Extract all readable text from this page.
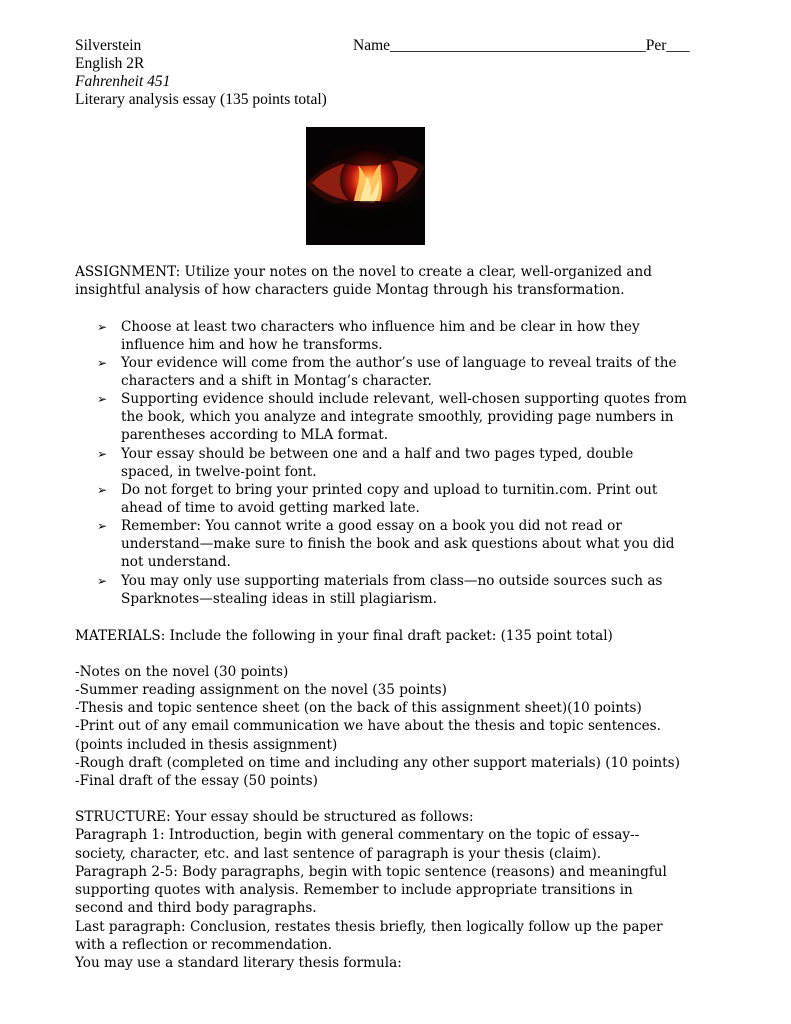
Silverstein	Name_________________________________Per___
English 2R
Fahrenheit 451
Literary analysis essay (135 points total)
ASSIGNMENT: Utilize your notes on the novel to create a clear, well-organized and
insightful analysis of how characters guide Montag through his transformation.
➢ Choose at least two characters who influence him and be clear in how they
influence him and how he transforms.
➢ Your evidence will come from the author’s use of language to reveal traits of the
characters and a shift in Montag’s character.
➢ Supporting evidence should include relevant, well-chosen supporting quotes from
the book, which you analyze and integrate smoothly, providing page numbers in
parentheses according to MLA format.
➢ Your essay should be between one and a half and two pages typed, double
spaced, in twelve-point font.
➢ Do not forget to bring your printed copy and upload to turnitin.com. Print out
ahead of time to avoid getting marked late.
➢ Remember: You cannot write a good essay on a book you did not read or
understand—make sure to finish the book and ask questions about what you did
not understand.
➢ You may only use supporting materials from class—no outside sources such as
Sparknotes—stealing ideas in still plagiarism.
MATERIALS: Include the following in your final draft packet: (135 point total)
-Notes on the novel (30 points)
-Summer reading assignment on the novel (35 points)
-Thesis and topic sentence sheet (on the back of this assignment sheet)(10 points)
-Print out of any email communication we have about the thesis and topic sentences.
(points included in thesis assignment)
-Rough draft (completed on time and including any other support materials) (10 points)
-Final draft of the essay (50 points)
STRUCTURE: Your essay should be structured as follows:
Paragraph 1: Introduction, begin with general commentary on the topic of essay--
society, character, etc. and last sentence of paragraph is your thesis (claim).
Paragraph 2-5: Body paragraphs, begin with topic sentence (reasons) and meaningful
supporting quotes with analysis. Remember to include appropriate transitions in
second and third body paragraphs.
Last paragraph: Conclusion, restates thesis briefly, then logically follow up the paper
with a reflection or recommendation.
You may use a standard literary thesis formula:
